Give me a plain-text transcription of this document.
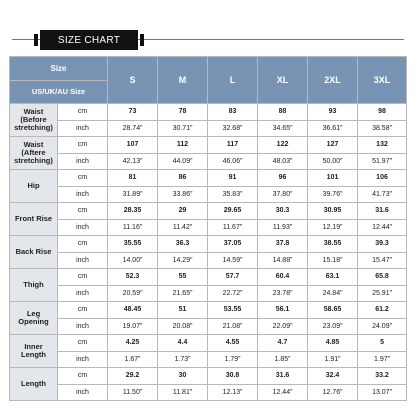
SIZE CHART
Size		S	M	L	XL	2XL	3XL
US/UK/AU Size							
Waist
(Before
stretching)	cm	73	78	83	88	93	98
	inch	28.74”	30.71”	32.68”	34.65”	36.61”	38.58”
Waist
(Aftere
stretching)	cm	107	112	117	122	127	132
	inch	42.13”	44.09”	46.06”	48.03”	50.00”	51.97”
Hip	cm	81	86	91	96	101	106
	inch	31.89”	33.86”	35.83”	37.80”	39.76”	41.73”
Front Rise	cm	28.35	29	29.65	30.3	30.95	31.6
	inch	11.16”	11.42”	11.67”	11.93”	12.19”	12.44”
Back Rise	cm	35.55	36.3	37.05	37.8	38.55	39.3
	inch	14.00”	14.29”	14.59”	14.88”	15.18”	15.47”
Thigh	cm	52.3	55	57.7	60.4	63.1	65.8
	inch	20.59”	21.65”	22.72”	23.78”	24.84”	25.91”
Leg
Opening	cm	48.45	51	53.55	56.1	58.65	61.2
	inch	19.07”	20.08”	21.08”	22.09”	23.09”	24.09”
Inner
Length	cm	4.25	4.4	4.55	4.7	4.85	5
	inch	1.67”	1.73”	1.79”	1.85”	1.91”	1.97”
Length	cm	29.2	30	30.8	31.6	32.4	33.2
	inch	11.50”	11.81”	12.13”	12.44”	12.76”	13.07”
